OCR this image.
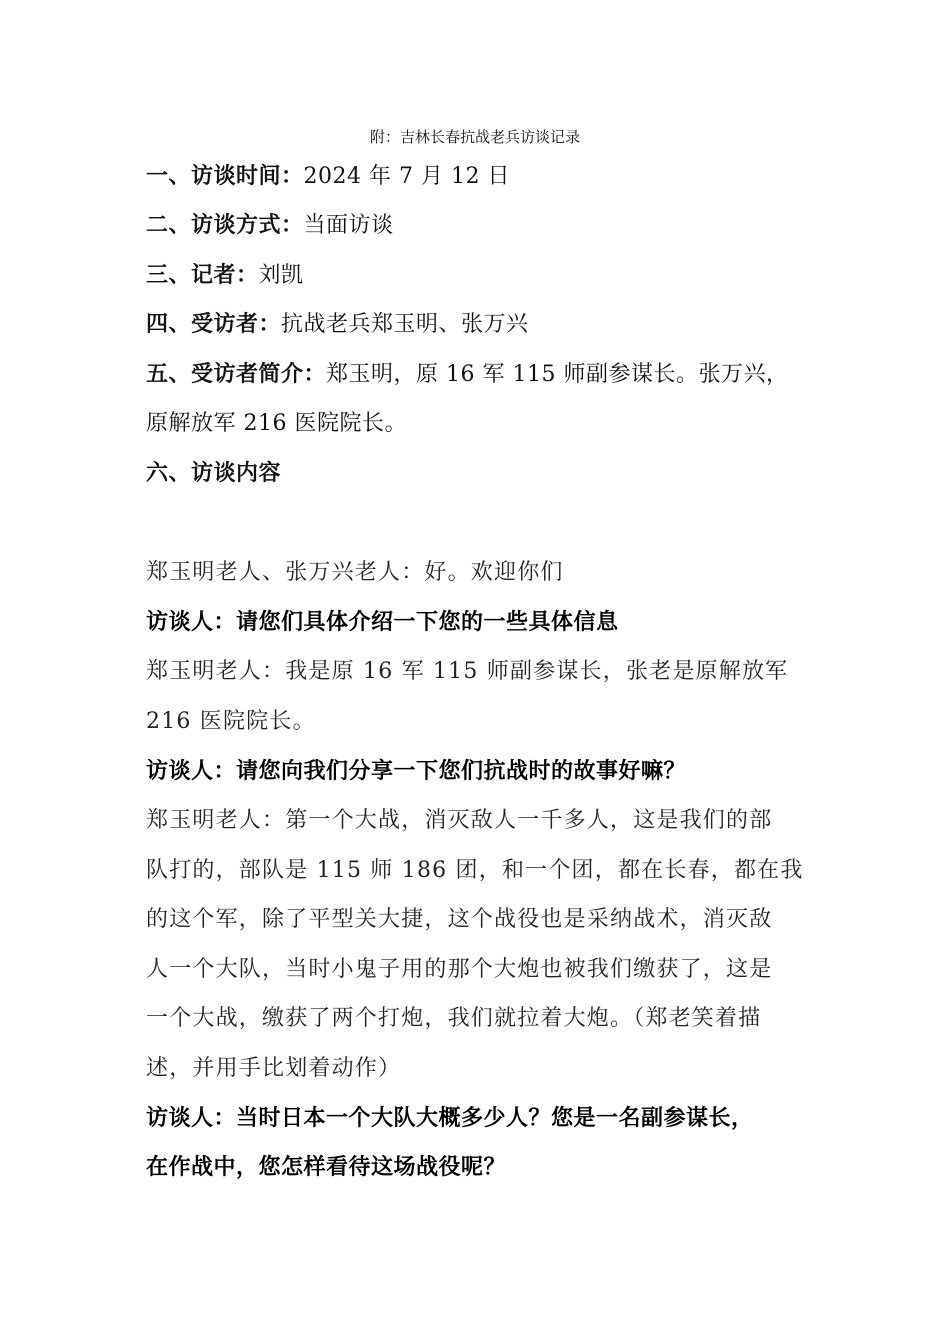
附：吉林长春抗战老兵访谈记录
一、访谈时间：2024 年 7 月 12 日
二、访谈方式：当面访谈
三、记者：刘凯
四、受访者：抗战老兵郑玉明、张万兴
五、受访者简介：郑玉明，原 16 军 115 师副参谋长。张万兴，
原解放军 216 医院院长。
六、访谈内容
郑玉明老人、张万兴老人：好。欢迎你们
访谈人：请您们具体介绍一下您的一些具体信息
郑玉明老人：我是原 16 军 115 师副参谋长，张老是原解放军
216 医院院长。
访谈人：请您向我们分享一下您们抗战时的故事好嘛？
郑玉明老人：第一个大战，消灭敌人一千多人，这是我们的部
队打的，部队是 115 师 186 团，和一个团，都在长春，都在我
的这个军，除了平型关大捷，这个战役也是采纳战术，消灭敌
人一个大队，当时小鬼子用的那个大炮也被我们缴获了，这是
一个大战，缴获了两个打炮，我们就拉着大炮。（郑老笑着描
述，并用手比划着动作）
访谈人：当时日本一个大队大概多少人？您是一名副参谋长，
在作战中，您怎样看待这场战役呢？
